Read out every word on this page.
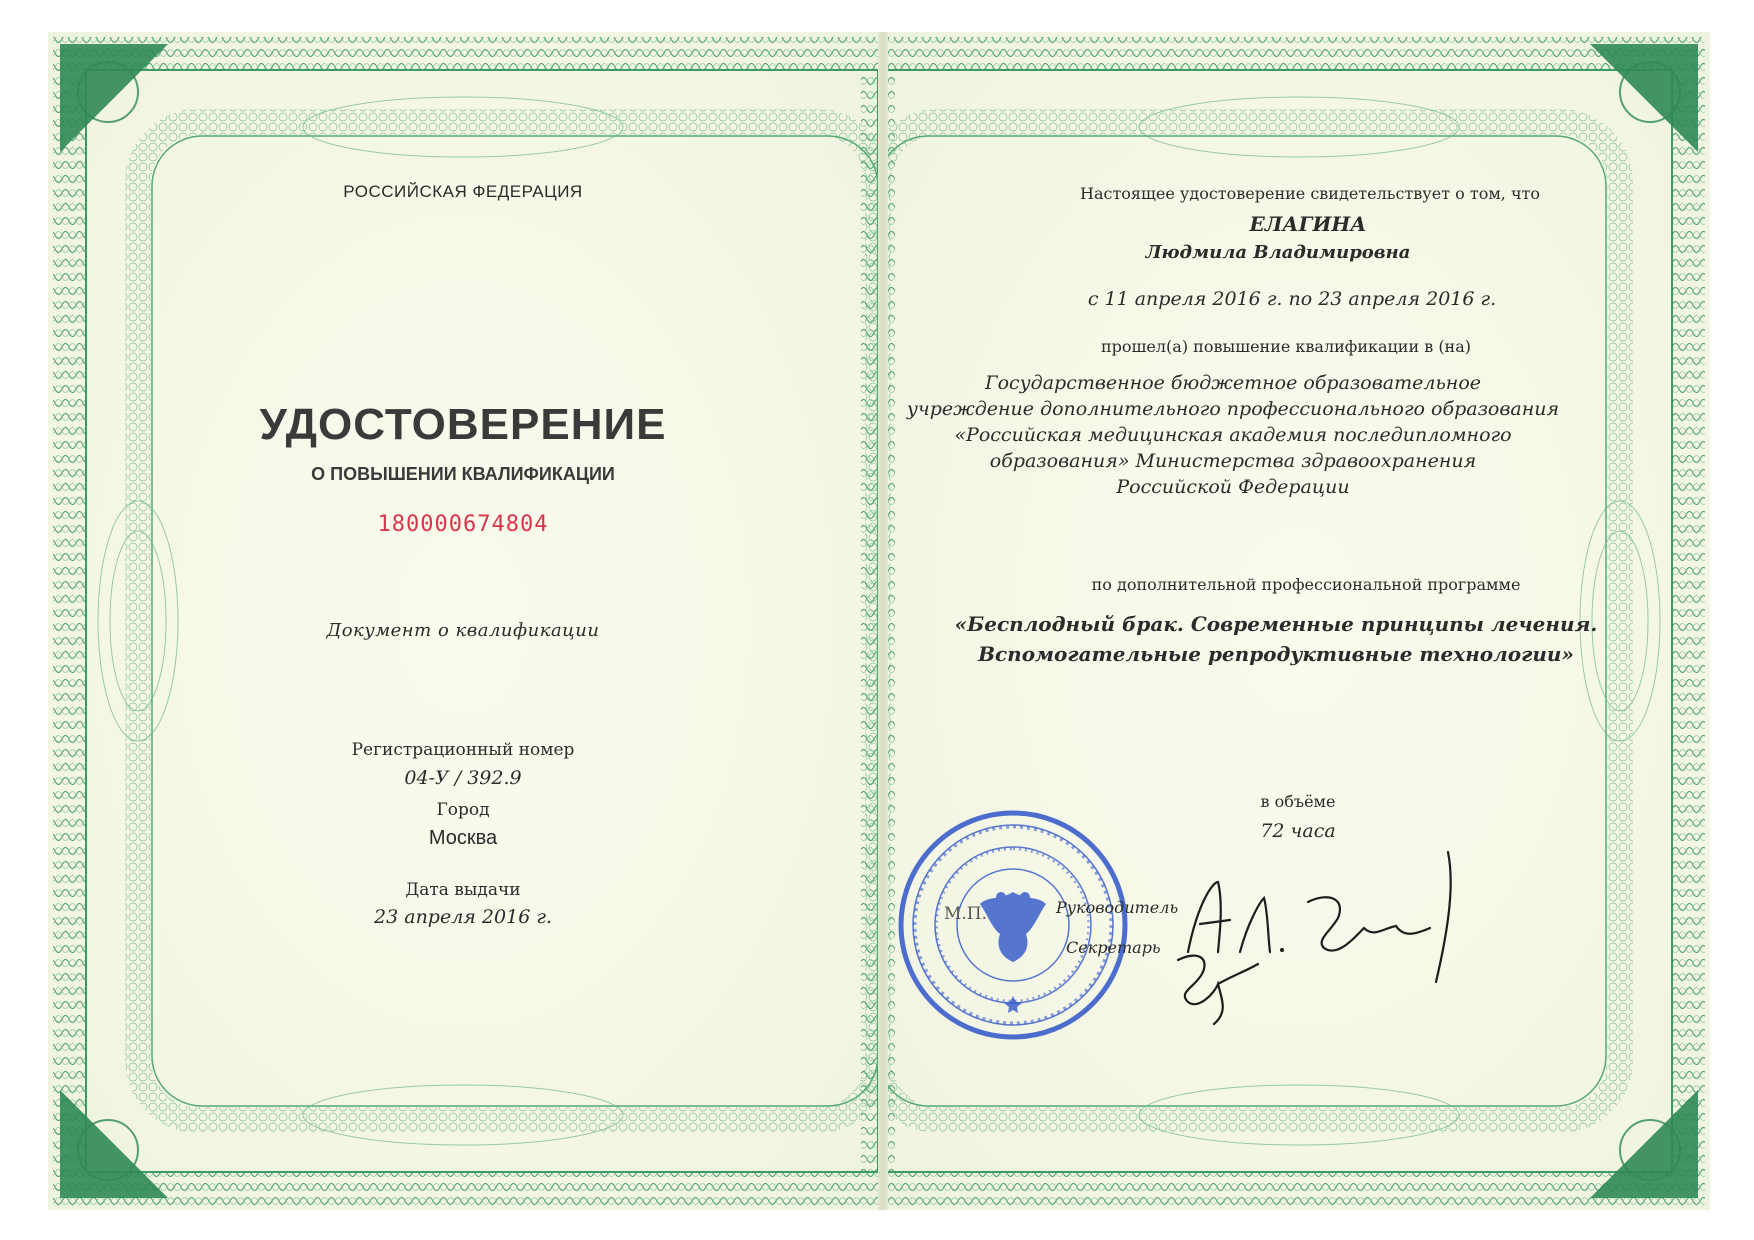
РОССИЙСКАЯ ФЕДЕРАЦИЯ

УДОСТОВЕРЕНИЕ

О ПОВЫШЕНИИ КВАЛИФИКАЦИИ

180000674804

Документ о квалификации

Регистрационный номер

04-У / 392.9

Город

Москва

Дата выдачи

23 апреля 2016 г.

Настоящее удостоверение свидетельствует о том, что

ЕЛАГИНА

Людмила Владимировна

с 11 апреля 2016 г. по 23 апреля 2016 г.

прошел(а) повышение квалификации в (на)

Государственное бюджетное образовательное

учреждение дополнительного профессионального образования

«Российская медицинская академия последипломного

образования» Министерства здравоохранения

Российской Федерации

по дополнительной профессиональной программе

«Бесплодный брак. Современные принципы лечения.

Вспомогательные репродуктивные технологии»

в объёме

72 часа

М.П.	Руководитель

Секретарь
